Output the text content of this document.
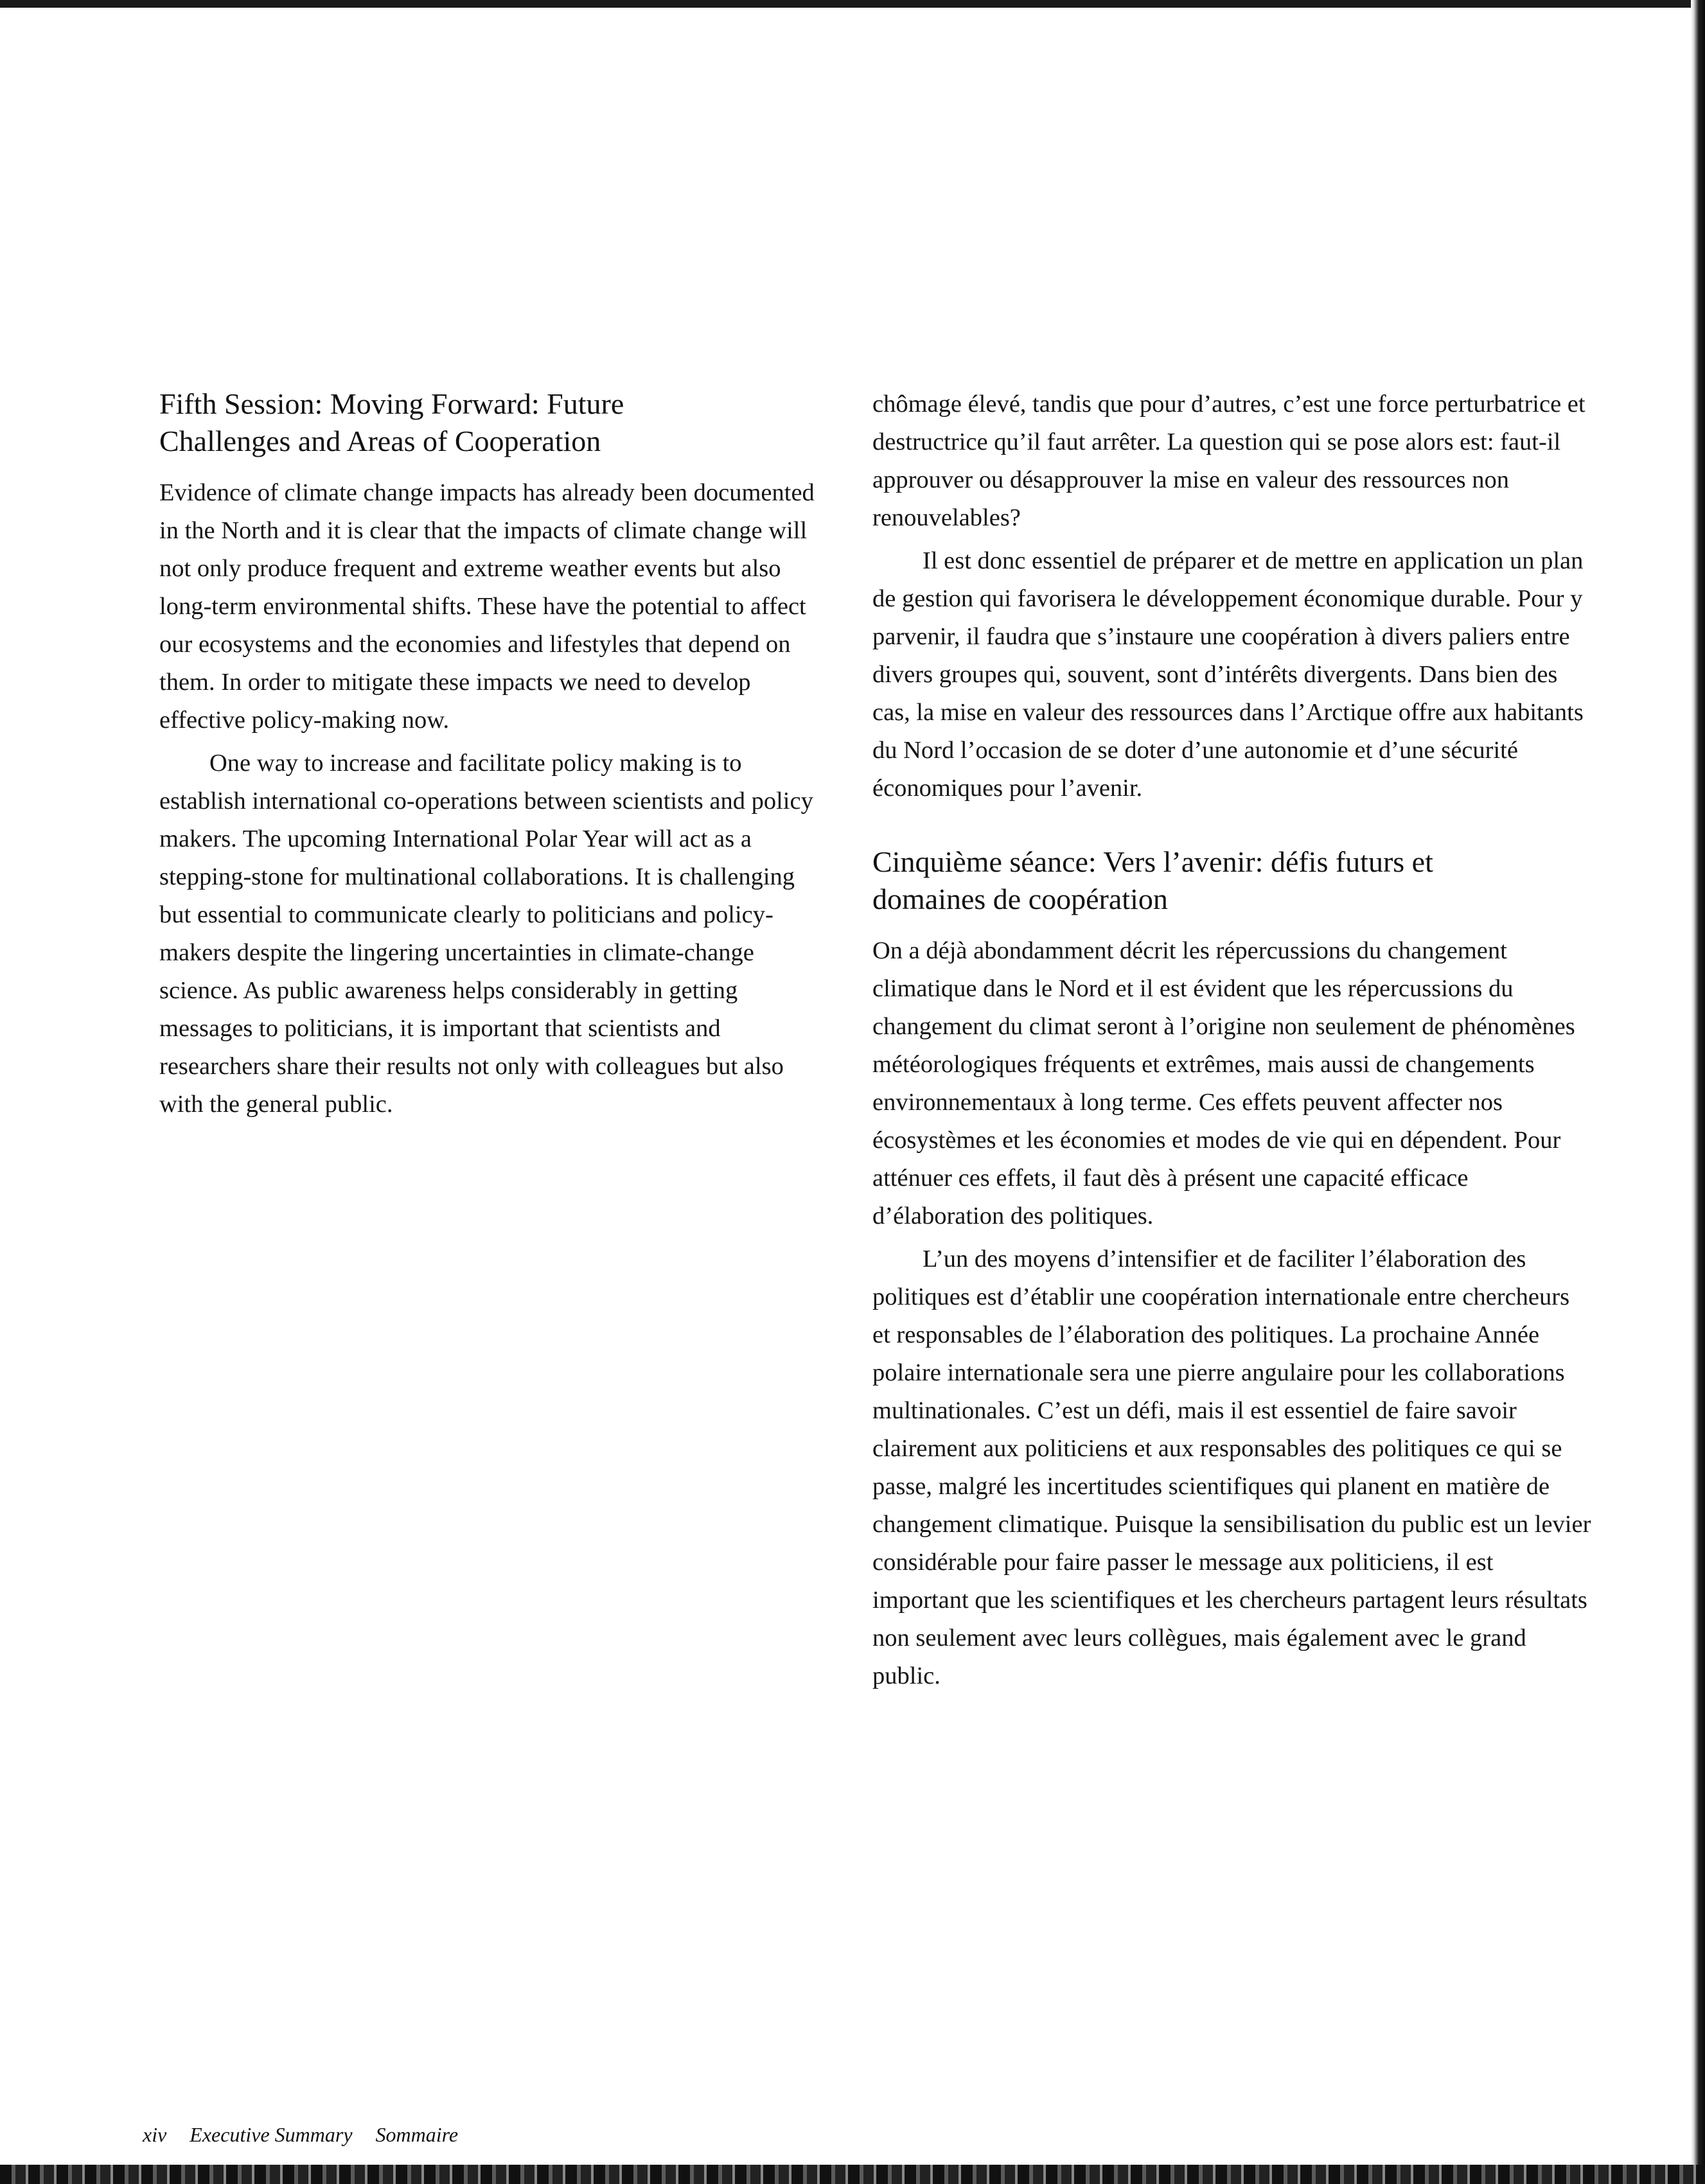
Fifth Session: Moving Forward: Future
Challenges and Areas of Cooperation

Evidence of climate change impacts has already been documented in the North and it is clear that the impacts of climate change will not only produce frequent and extreme weather events but also long-term environmental shifts. These have the potential to affect our ecosystems and the economies and lifestyles that depend on them. In order to mitigate these impacts we need to develop effective policy-making now.

One way to increase and facilitate policy making is to establish international co-operations between scientists and policy makers. The upcoming International Polar Year will act as a stepping-stone for multinational collaborations. It is challenging but essential to communicate clearly to politicians and policy-makers despite the lingering uncertainties in climate-change science. As public awareness helps considerably in getting messages to politicians, it is important that scientists and researchers share their results not only with colleagues but also with the general public.

chômage élevé, tandis que pour d’autres, c’est une force perturbatrice et destructrice qu’il faut arrêter. La question qui se pose alors est: faut-il approuver ou désapprouver la mise en valeur des ressources non renouvelables?

Il est donc essentiel de préparer et de mettre en application un plan de gestion qui favorisera le développement économique durable. Pour y parvenir, il faudra que s’instaure une coopération à divers paliers entre divers groupes qui, souvent, sont d’intérêts divergents. Dans bien des cas, la mise en valeur des ressources dans l’Arctique offre aux habitants du Nord l’occasion de se doter d’une autonomie et d’une sécurité économiques pour l’avenir.

Cinquième séance: Vers l’avenir: défis futurs et
domaines de coopération

On a déjà abondamment décrit les répercussions du changement climatique dans le Nord et il est évident que les répercussions du changement du climat seront à l’origine non seulement de phénomènes météorologiques fréquents et extrêmes, mais aussi de changements environnementaux à long terme. Ces effets peuvent affecter nos écosystèmes et les économies et modes de vie qui en dépendent. Pour atténuer ces effets, il faut dès à présent une capacité efficace d’élaboration des politiques.

L’un des moyens d’intensifier et de faciliter l’élaboration des politiques est d’établir une coopération internationale entre chercheurs et responsables de l’élaboration des politiques. La prochaine Année polaire internationale sera une pierre angulaire pour les collaborations multinationales. C’est un défi, mais il est essentiel de faire savoir clairement aux politiciens et aux responsables des politiques ce qui se passe, malgré les incertitudes scientifiques qui planent en matière de changement climatique. Puisque la sensibilisation du public est un levier considérable pour faire passer le message aux politiciens, il est important que les scientifiques et les chercheurs partagent leurs résultats non seulement avec leurs collègues, mais également avec le grand public.

xiv Executive Summary Sommaire
